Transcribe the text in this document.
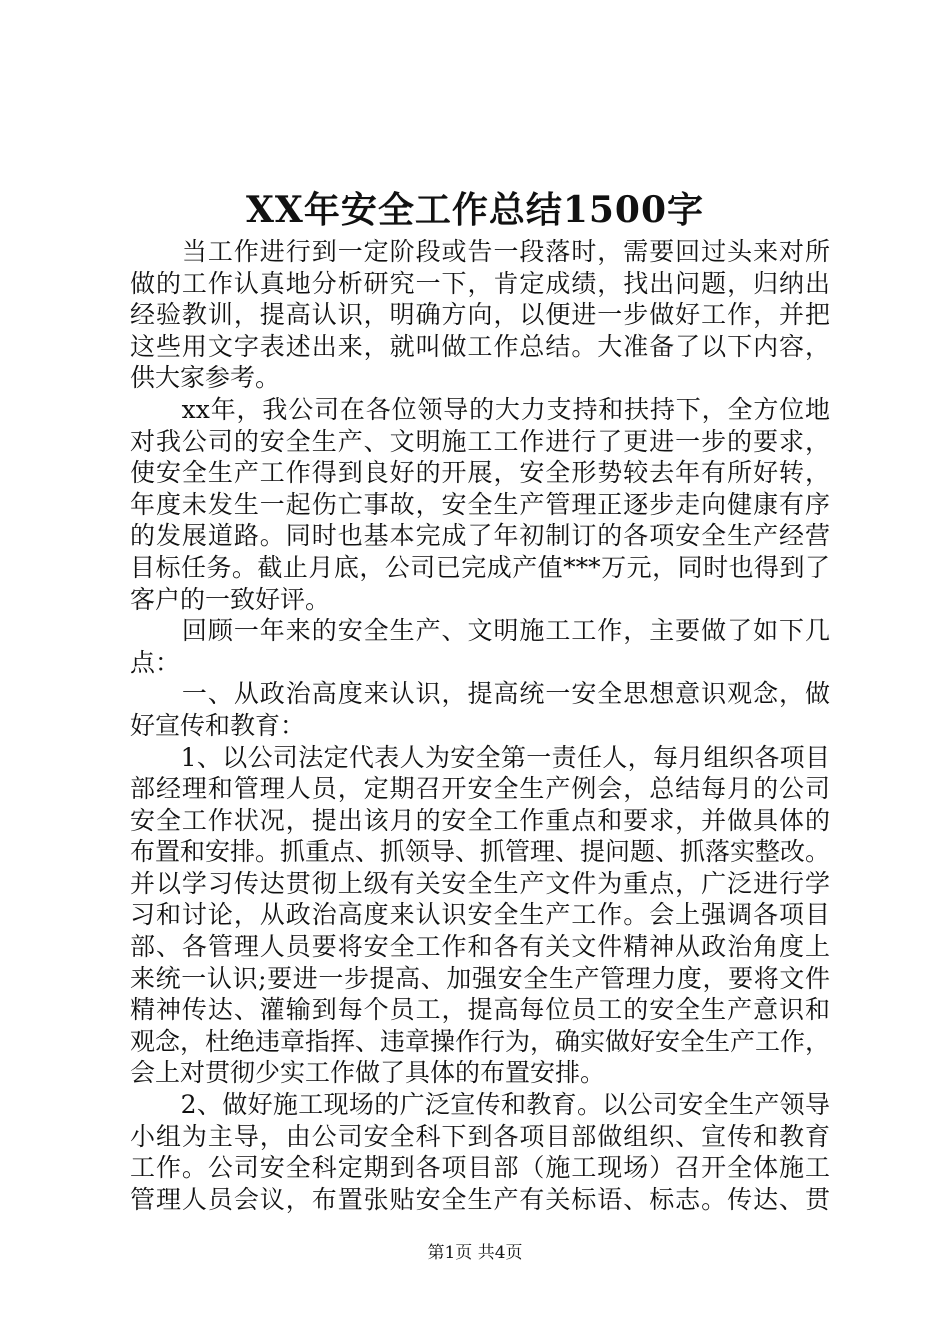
XX年安全工作总结1500字
　　当工作进行到一定阶段或告一段落时，需要回过头来对所
做的工作认真地分析研究一下，肯定成绩，找出问题，归纳出
经验教训，提高认识，明确方向，以便进一步做好工作，并把
这些用文字表述出来，就叫做工作总结。大准备了以下内容，
供大家参考。
　　xx年，我公司在各位领导的大力支持和扶持下，全方位地
对我公司的安全生产、文明施工工作进行了更进一步的要求，
使安全生产工作得到良好的开展，安全形势较去年有所好转，
年度未发生一起伤亡事故，安全生产管理正逐步走向健康有序
的发展道路。同时也基本完成了年初制订的各项安全生产经营
目标任务。截止月底，公司已完成产值***万元，同时也得到了
客户的一致好评。
　　回顾一年来的安全生产、文明施工工作，主要做了如下几
点：
　　一、从政治高度来认识，提高统一安全思想意识观念，做
好宣传和教育：
　　1、以公司法定代表人为安全第一责任人，每月组织各项目
部经理和管理人员，定期召开安全生产例会，总结每月的公司
安全工作状况，提出该月的安全工作重点和要求，并做具体的
布置和安排。抓重点、抓领导、抓管理、提问题、抓落实整改。
并以学习传达贯彻上级有关安全生产文件为重点，广泛进行学
习和讨论，从政治高度来认识安全生产工作。会上强调各项目
部、各管理人员要将安全工作和各有关文件精神从政治角度上
来统一认识;要进一步提高、加强安全生产管理力度，要将文件
精神传达、灌输到每个员工，提高每位员工的安全生产意识和
观念，杜绝违章指挥、违章操作行为，确实做好安全生产工作，
会上对贯彻少实工作做了具体的布置安排。
　　2、做好施工现场的广泛宣传和教育。以公司安全生产领导
小组为主导，由公司安全科下到各项目部做组织、宣传和教育
工作。公司安全科定期到各项目部（施工现场）召开全体施工
管理人员会议，布置张贴安全生产有关标语、标志。传达、贯
第1页 共4页
